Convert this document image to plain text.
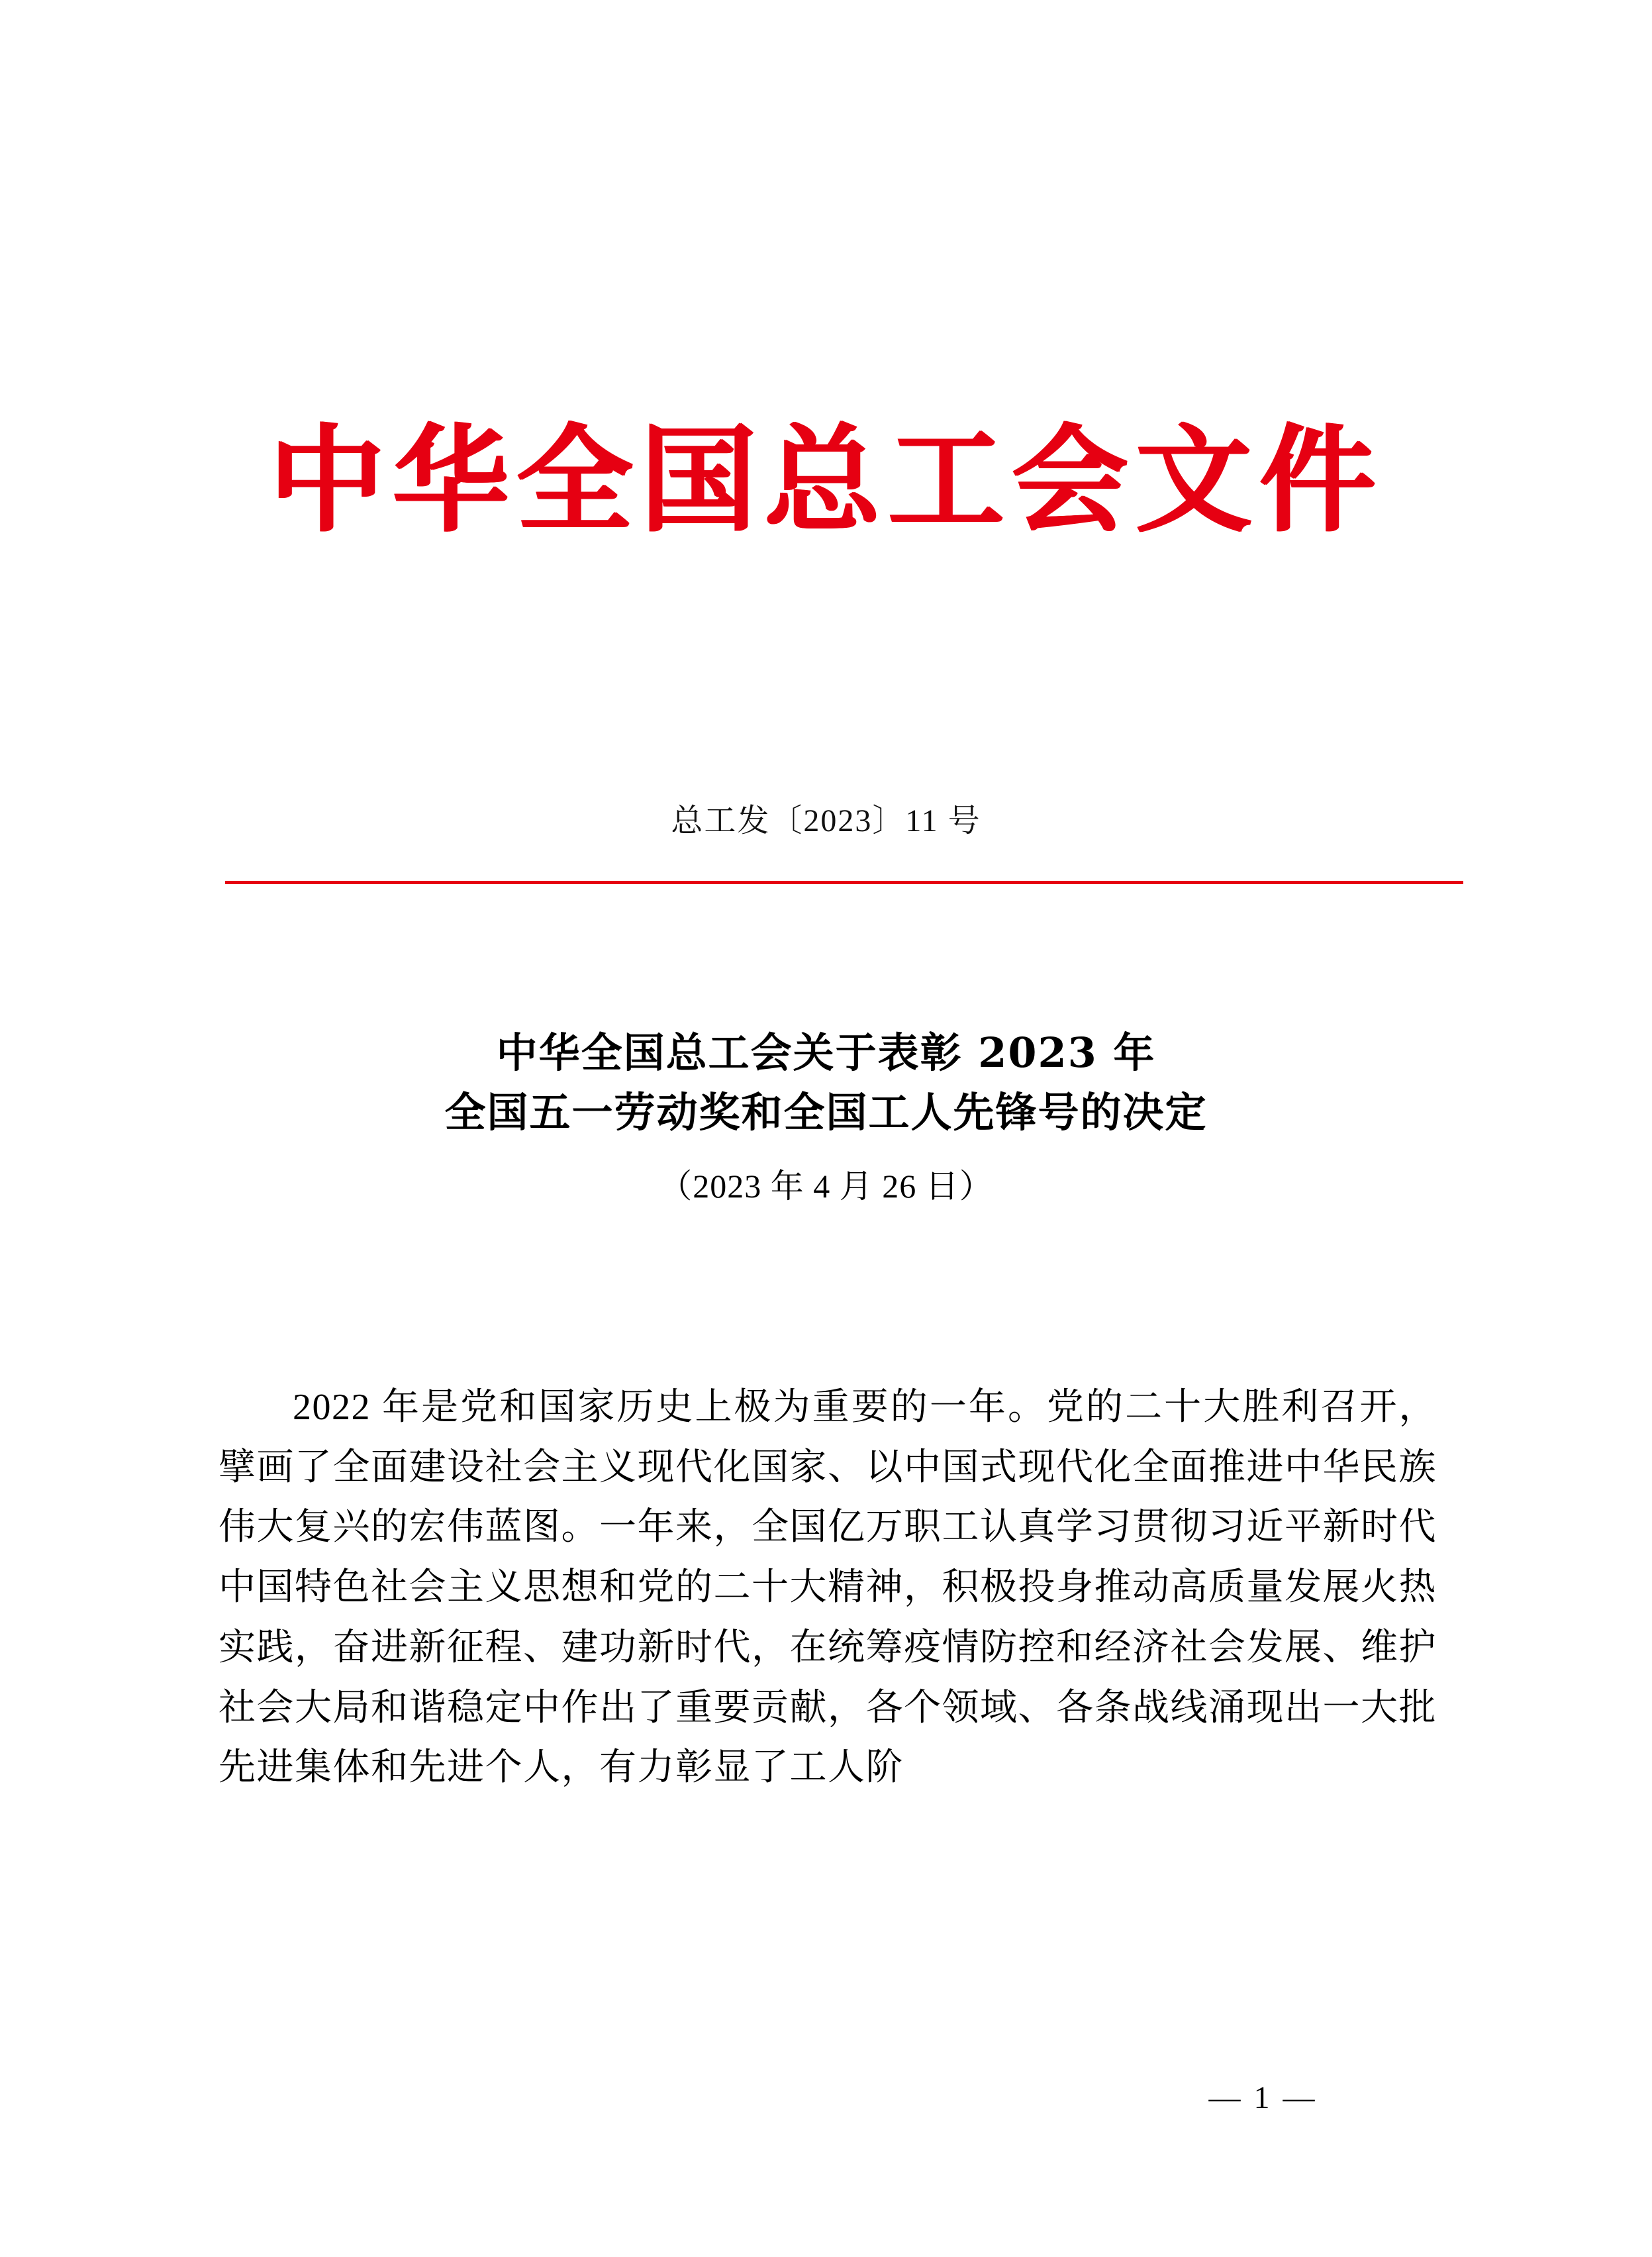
中华全国总工会文件
总工发〔2023〕11 号
中华全国总工会关于表彰 2023 年
全国五一劳动奖和全国工人先锋号的决定
（2023 年 4 月 26 日）

2022 年是党和国家历史上极为重要的一年。党的二十大胜利召开，擘画了全面建设社会主义现代化国家、以中国式现代化全面推进中华民族伟大复兴的宏伟蓝图。一年来，全国亿万职工认真学习贯彻习近平新时代中国特色社会主义思想和党的二十大精神，积极投身推动高质量发展火热实践，奋进新征程、建功新时代，在统筹疫情防控和经济社会发展、维护社会大局和谐稳定中作出了重要贡献，各个领域、各条战线涌现出一大批先进集体和先进个人，有力彰显了工人阶

— 1 —
